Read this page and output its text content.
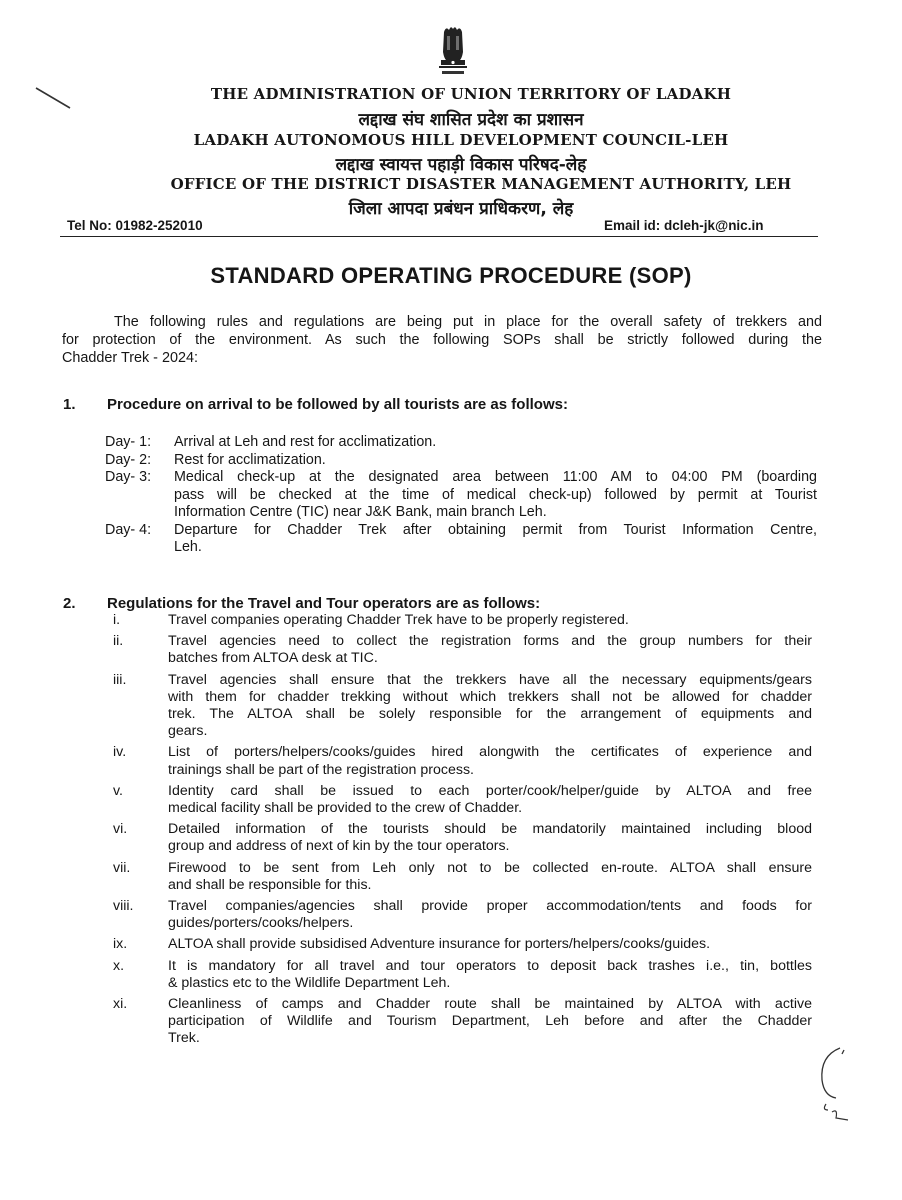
THE ADMINISTRATION OF UNION TERRITORY OF LADAKH
लद्दाख संघ शासित प्रदेश का प्रशासन
LADAKH AUTONOMOUS HILL DEVELOPMENT COUNCIL-LEH
लद्दाख स्वायत्त पहाड़ी विकास परिषद-लेह
OFFICE OF THE DISTRICT DISASTER MANAGEMENT AUTHORITY, LEH
जिला आपदा प्रबंधन प्राधिकरण, लेह
Tel No: 01982-252010	Email id: dcleh-jk@nic.in
STANDARD OPERATING PROCEDURE (SOP)
The following rules and regulations are being put in place for the overall safety of trekkers and
for protection of the environment. As such the following SOPs shall be strictly followed during the
Chadder Trek - 2024:
1. Procedure on arrival to be followed by all tourists are as follows:
Day- 1: Arrival at Leh and rest for acclimatization.
Day- 2: Rest for acclimatization.
Day- 3: Medical check-up at the designated area between 11:00 AM to 04:00 PM (boarding
pass will be checked at the time of medical check-up) followed by permit at Tourist
Information Centre (TIC) near J&K Bank, main branch Leh.
Day- 4: Departure for Chadder Trek after obtaining permit from Tourist Information Centre,
Leh.
2. Regulations for the Travel and Tour operators are as follows:
i.	Travel companies operating Chadder Trek have to be properly registered.
ii.	Travel agencies need to collect the registration forms and the group numbers for their
batches from ALTOA desk at TIC.
iii.	Travel agencies shall ensure that the trekkers have all the necessary equipments/gears
with them for chadder trekking without which trekkers shall not be allowed for chadder
trek. The ALTOA shall be solely responsible for the arrangement of equipments and
gears.
iv.	List of porters/helpers/cooks/guides hired alongwith the certificates of experience and
trainings shall be part of the registration process.
v.	Identity card shall be issued to each porter/cook/helper/guide by ALTOA and free
medical facility shall be provided to the crew of Chadder.
vi.	Detailed information of the tourists should be mandatorily maintained including blood
group and address of next of kin by the tour operators.
vii.	Firewood to be sent from Leh only not to be collected en-route. ALTOA shall ensure
and shall be responsible for this.
viii. Travel companies/agencies shall provide proper accommodation/tents and foods for
guides/porters/cooks/helpers.
ix.	ALTOA shall provide subsidised Adventure insurance for porters/helpers/cooks/guides.
x.	It is mandatory for all travel and tour operators to deposit back trashes i.e., tin, bottles
& plastics etc to the Wildlife Department Leh.
xi.	Cleanliness of camps and Chadder route shall be maintained by ALTOA with active
participation of Wildlife and Tourism Department, Leh before and after the Chadder
Trek.
